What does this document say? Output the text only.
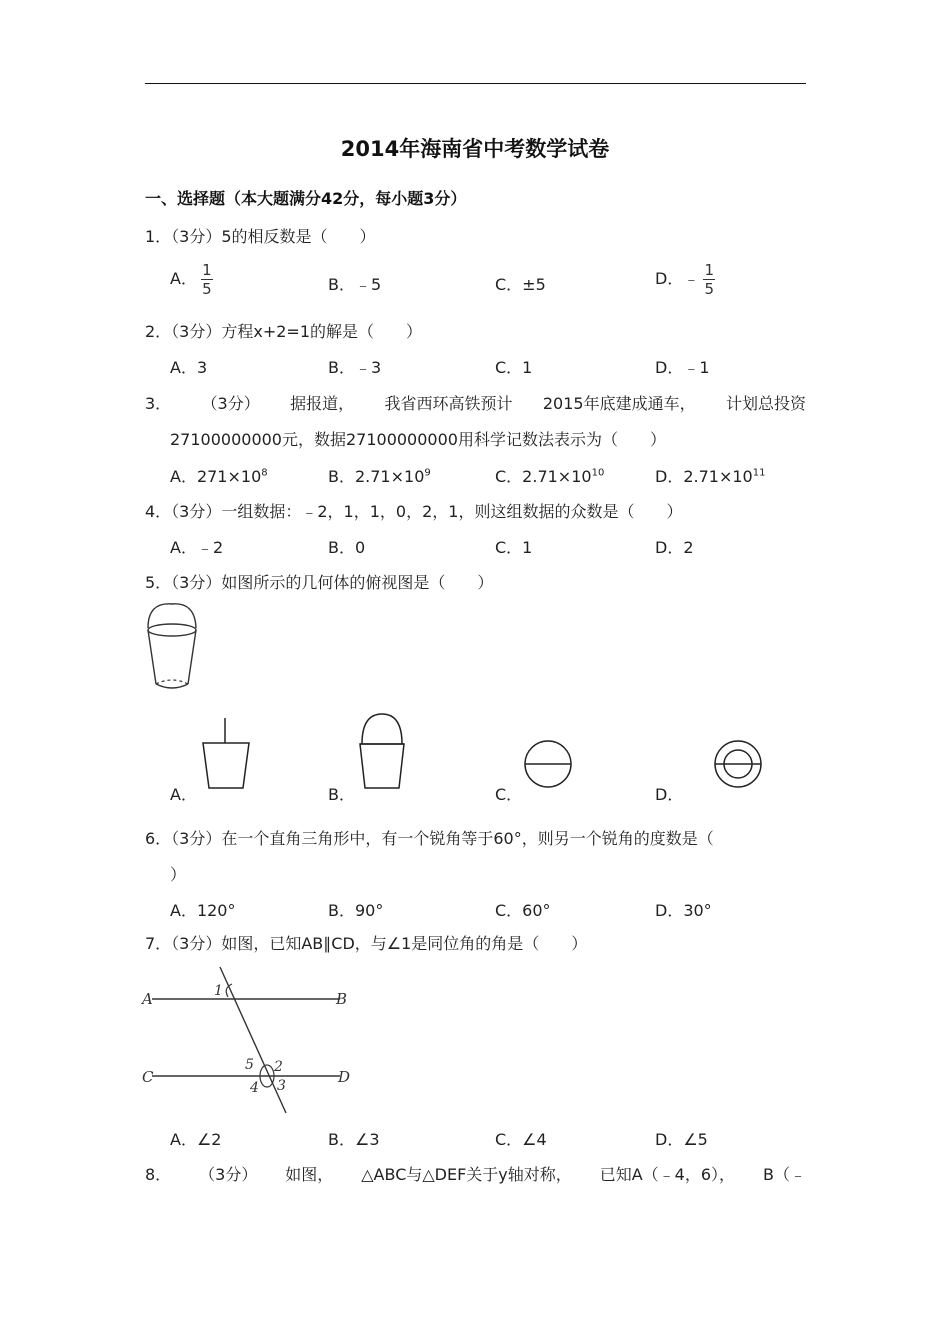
2014年海南省中考数学试卷
一、选择题（本大题满分42分，每小题3分）
1．（3分）5的相反数是（　　）
A． $\frac{1}{5}$	B．﹣5	C．±5	D．﹣ $\frac{1}{5}$
2．（3分）方程x+2=1的解是（　　）
A．3	B．﹣3	C．1	D．﹣1
3． （3分） 据报道， 我省西环高铁预计 2015年底建成通车， 计划总投资
27100000000元，数据27100000000用科学记数法表示为（　　）
A．$271\times 10^8$	B．$2.71\times 10^9$	C．$2.71\times 10^{10}$	D．$2.71\times 10^{11}$
4．（3分）一组数据：﹣2，1，1，0，2，1，则这组数据的众数是（　　）
A．﹣2	B．0	C．1	D．2
5．（3分）如图所示的几何体的俯视图是（　　）
A．	B．	C．	D．
6．（3分）在一个直角三角形中，有一个锐角等于60°，则另一个锐角的度数是（
）
A．120°	B．90°	C．60°	D．30°
7．（3分）如图，已知AB∥CD，与∠1是同位角的角是（　　）
A	B
C	D
1
2
3
4
5
A．∠2	B．∠3	C．∠4	D．∠5
8． （3分） 如图， △ABC与△DEF关于y轴对称， 已知A（﹣4，6）， B（﹣
